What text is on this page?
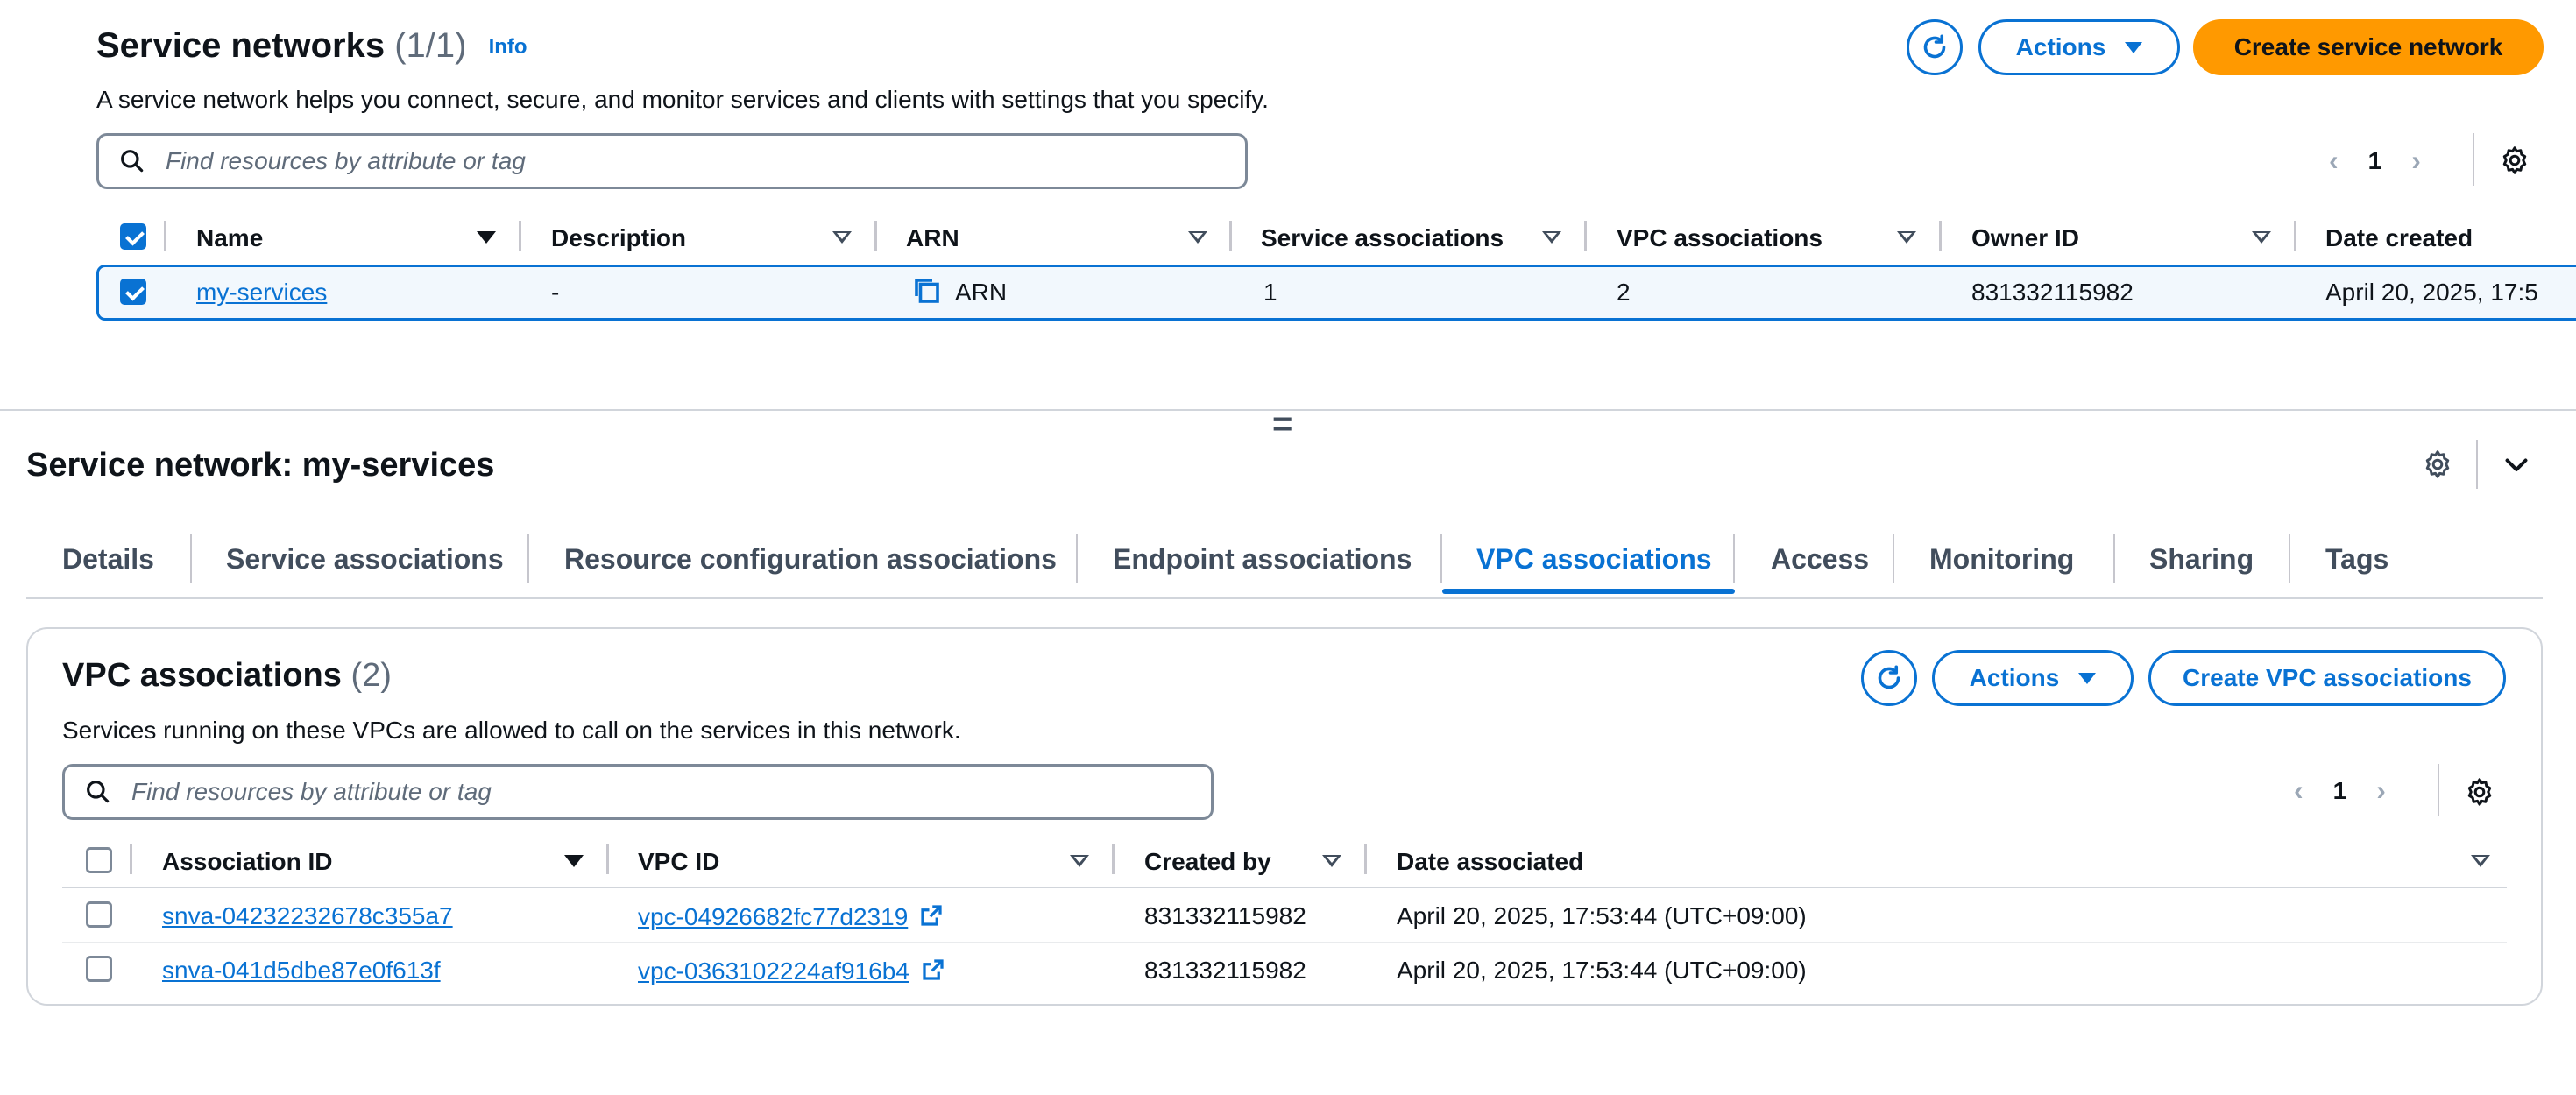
Service networks (1/1) Info
A service network helps you connect, secure, and monitor services and clients with settings that you specify.
Actions	Create service network
Find resources by attribute or tag
‹ 1 ›
Name	Description	ARN	Service associations	VPC associations	Owner ID	Date created
my-services	-	ARN	1	2	831332115982	April 20, 2025, 17:5
=
Service network: my-services
Details	Service associations Resource configuration associations Endpoint associations VPC associations Access Monitoring	Sharing	Tags
VPC associations (2)
Services running on these VPCs are allowed to call on the services in this network.
Actions	Create VPC associations
Find resources by attribute or tag
‹ 1 ›
Association ID	VPC ID	Created by	Date associated
snva-04232232678c355a7	vpc-04926682fc77d2319	831332115982	April 20, 2025, 17:53:44 (UTC+09:00)
snva-041d5dbe87e0f613f	vpc-0363102224af916b4	831332115982	April 20, 2025, 17:53:44 (UTC+09:00)
